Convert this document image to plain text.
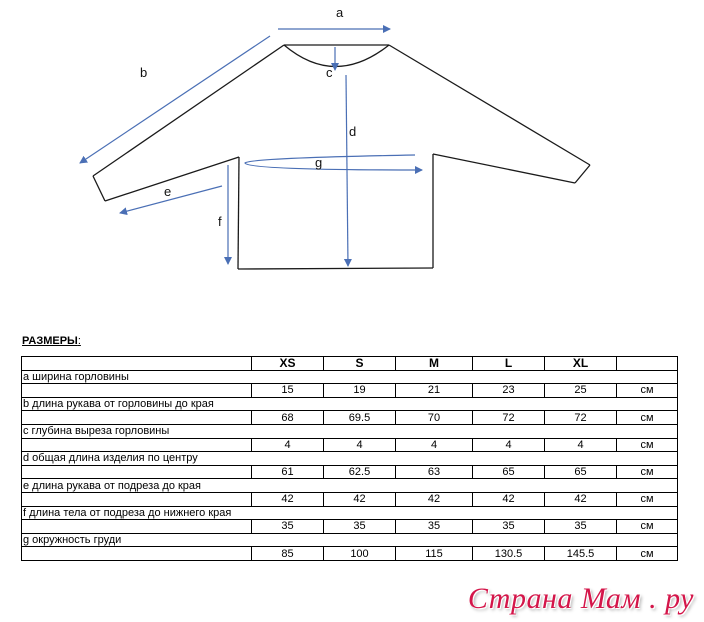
a
b	c
d
g
e
f
РАЗМЕРЫ:
	XS	S	M	L	XL	
а ширина горловины						
	15	19	21	23	25	см
b длина рукава от горловины до края						
	68	69.5	70	72	72	см
с глубина выреза горловины						
	4	4	4	4	4	см
d общая длина изделия по центру						
	61	62.5	63	65	65	см
е длина рукава от подреза до края						
	42	42	42	42	42	см
f длина тела от подреза до нижнего края						
	35	35	35	35	35	см
g окружность груди						
	85	100	115	130.5	145.5	см
Страна Мам . ру
